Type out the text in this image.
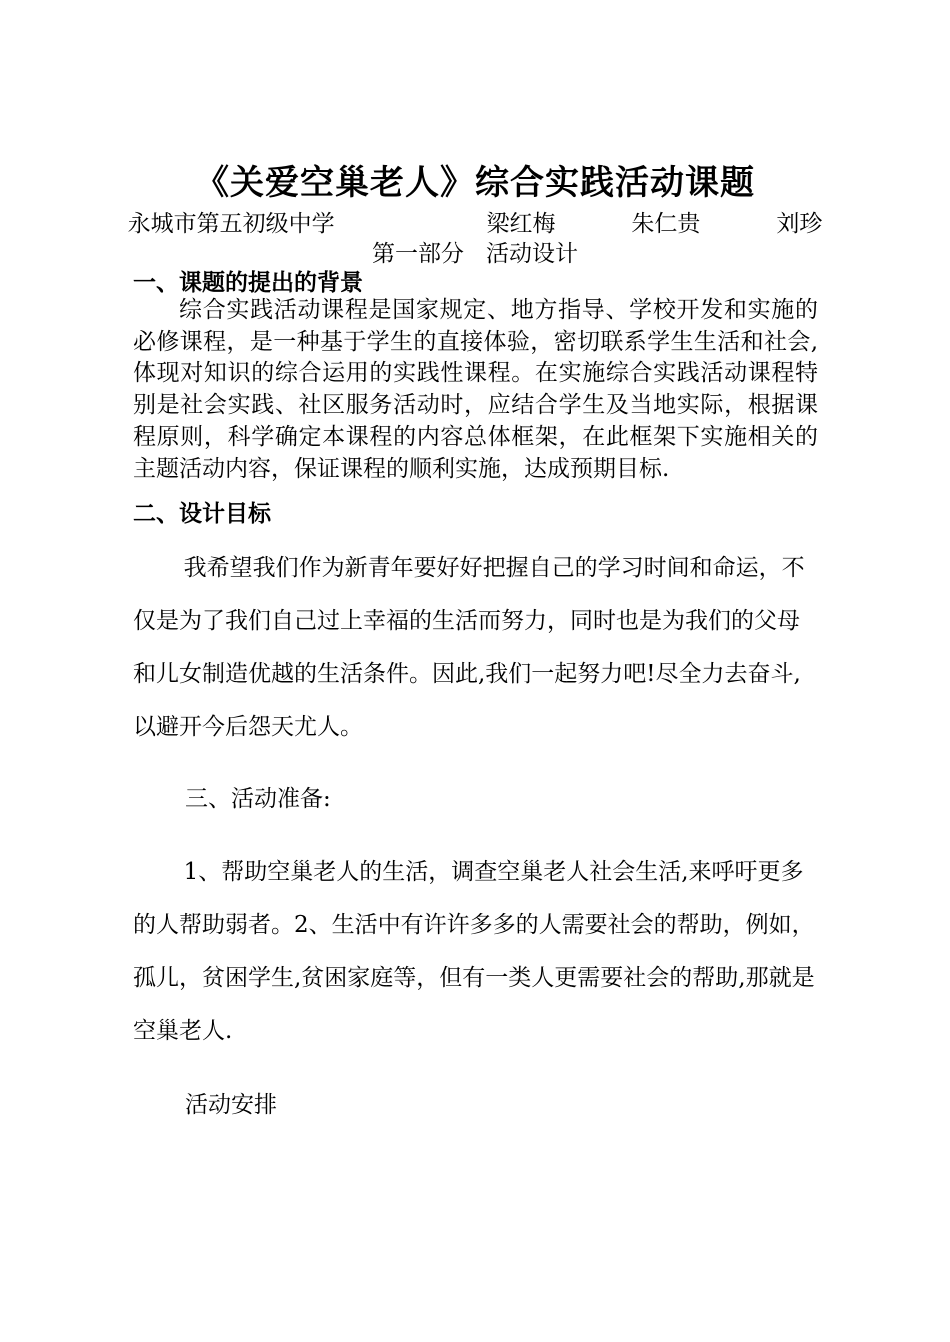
《关爱空巢老人》综合实践活动课题
永城市第五初级中学      梁红梅   朱仁贵   刘珍
第一部分   活动设计
一、课题的提出的背景

综合实践活动课程是国家规定、地方指导、学校开发和实施的必修课程，是一种基于学生的直接体验，密切联系学生生活和社会,体现对知识的综合运用的实践性课程。在实施综合实践活动课程特别是社会实践、社区服务活动时，应结合学生及当地实际，根据课程原则，科学确定本课程的内容总体框架，在此框架下实施相关的主题活动内容，保证课程的顺利实施，达成预期目标.

二、设计目标

我希望我们作为新青年要好好把握自己的学习时间和命运，不仅是为了我们自己过上幸福的生活而努力，同时也是为我们的父母和儿女制造优越的生活条件。因此,我们一起努力吧!尽全力去奋斗,以避开今后怨天尤人。

三、活动准备:

1、帮助空巢老人的生活，调查空巢老人社会生活,来呼吁更多的人帮助弱者。2、生活中有许许多多的人需要社会的帮助，例如，孤儿，贫困学生,贫困家庭等，但有一类人更需要社会的帮助,那就是空巢老人.

活动安排
